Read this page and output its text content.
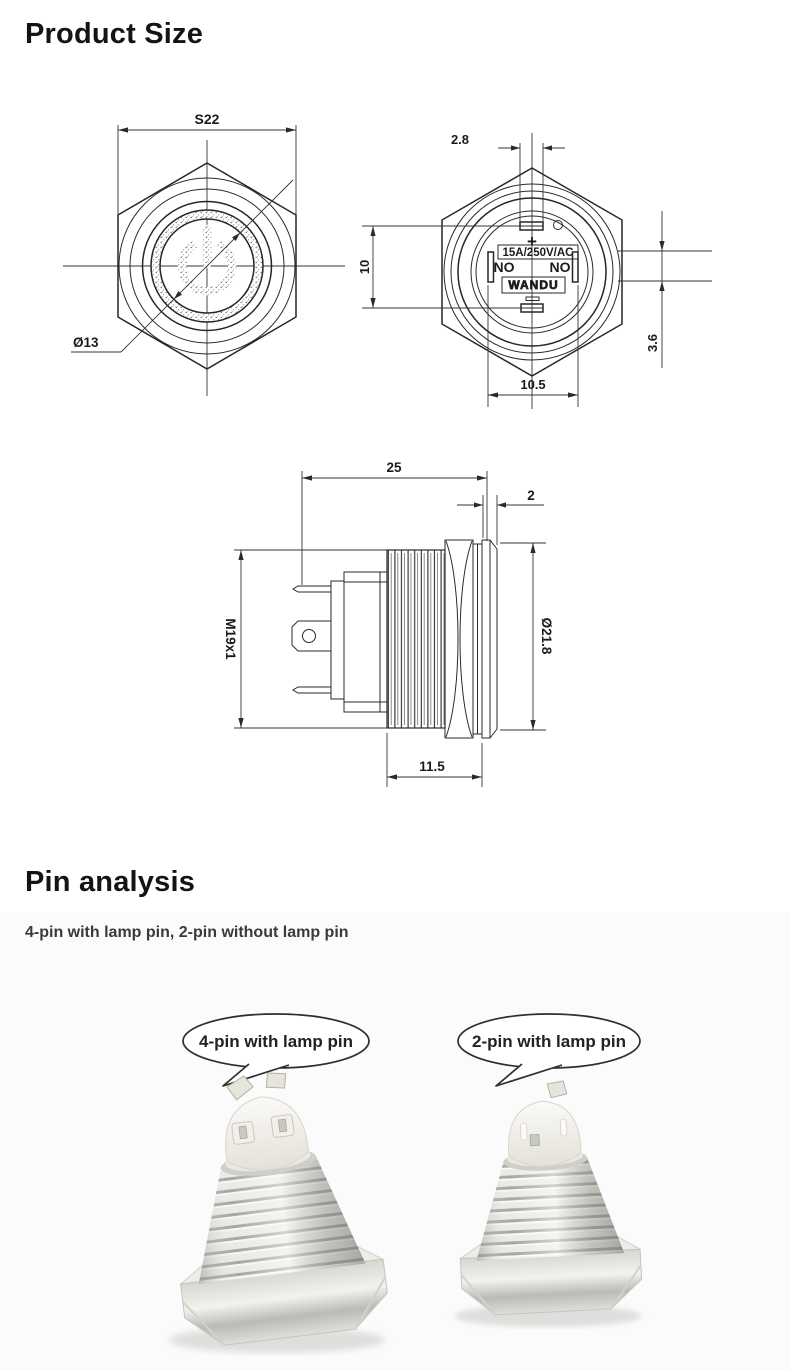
Product Size
S22
Ø13
+
15A/250V/AC
NO	NO
WANDU
2.8
10
3.6
10.5
25
2
M19x1	Ø21.8
11.5
Pin analysis

4-pin with lamp pin, 2-pin without lamp pin

4-pin with lamp pin	2-pin with lamp pin
